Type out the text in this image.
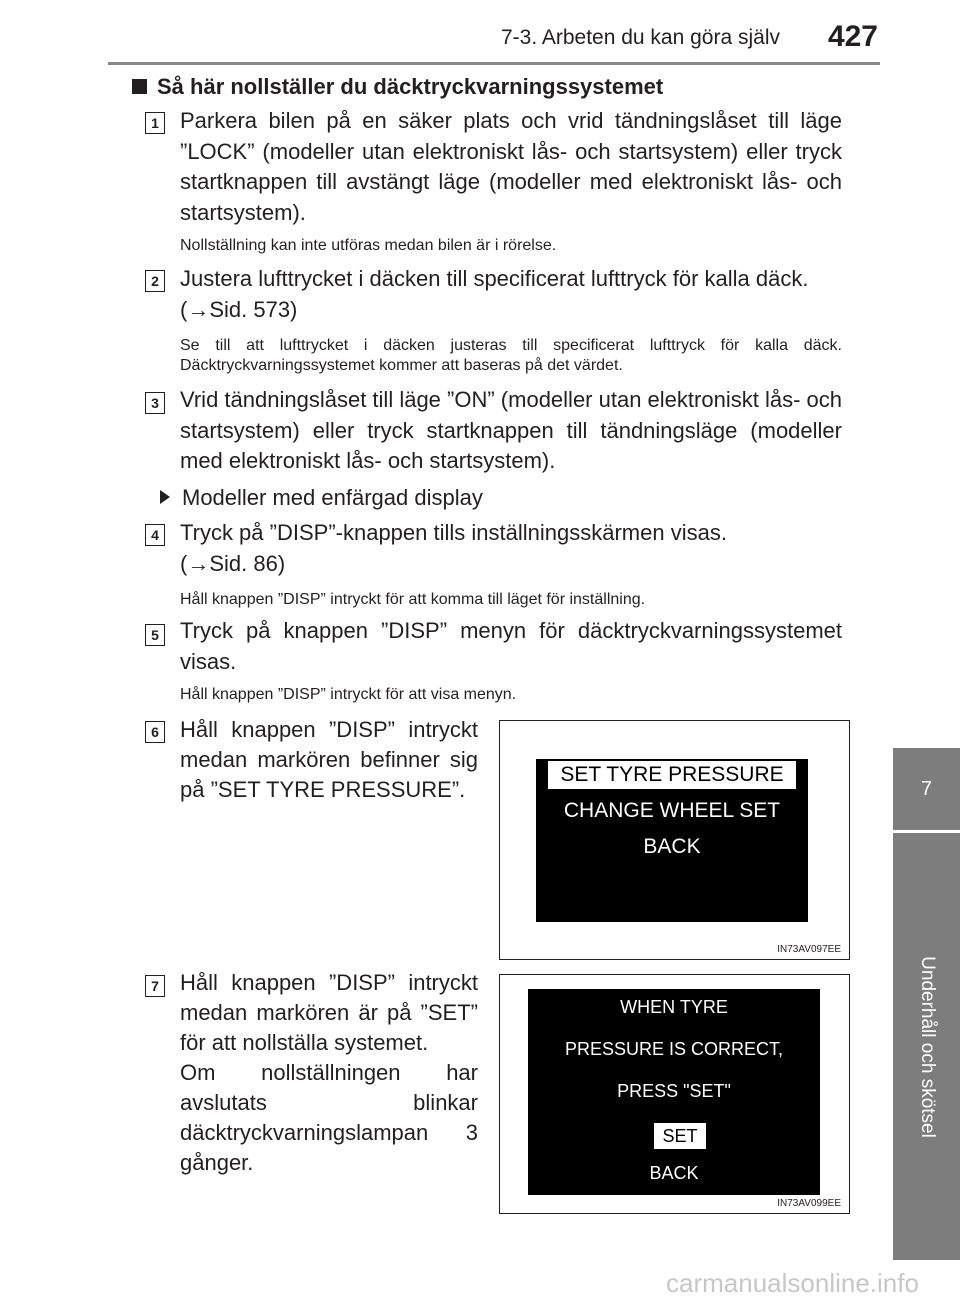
7-3. Arbeten du kan göra själv 427
7
Underhåll och skötsel
Så här nollställer du däcktryckvarningssystemet
1 Parkera bilen på en säker plats och vrid tändningslåset till läge ”LOCK” (modeller utan elektroniskt lås- och startsystem) eller tryck startknappen till avstängt läge (modeller med elektroniskt lås- och startsystem).
Nollställning kan inte utföras medan bilen är i rörelse.
2 Justera lufttrycket i däcken till specificerat lufttryck för kalla däck.

(→Sid. 573)

Se till att lufttrycket i däcken justeras till specificerat lufttryck för kalla däck. Däcktryckvarningssystemet kommer att baseras på det värdet.
3 Vrid tändningslåset till läge ”ON” (modeller utan elektroniskt lås- och startsystem) eller tryck startknappen till tändningsläge (modeller med elektroniskt lås- och startsystem).
Modeller med enfärgad display
4 Tryck på ”DISP”-knappen tills inställningsskärmen visas.

(→Sid. 86)

Håll knappen ”DISP” intryckt för att komma till läget för inställning.
5 Tryck på knappen ”DISP” menyn för däcktryckvarningssystemet visas.
Håll knappen ”DISP” intryckt för att visa menyn.
6 Håll knappen ”DISP” intryckt medan markören befinner sig på ”SET TYRE PRESSURE”.
SET TYRE PRESSURE
CHANGE WHEEL SET
BACK
IN73AV097EE
7 Håll knappen ”DISP” intryckt medan markören är på ”SET” för att nollställa systemet.

Om nollställningen har avslutats blinkar däcktryckvarningslampan 3 gånger.

WHEN TYRE
PRESSURE IS CORRECT,
PRESS "SET"
SET
BACK
IN73AV099EE
carmanualsonline.info
